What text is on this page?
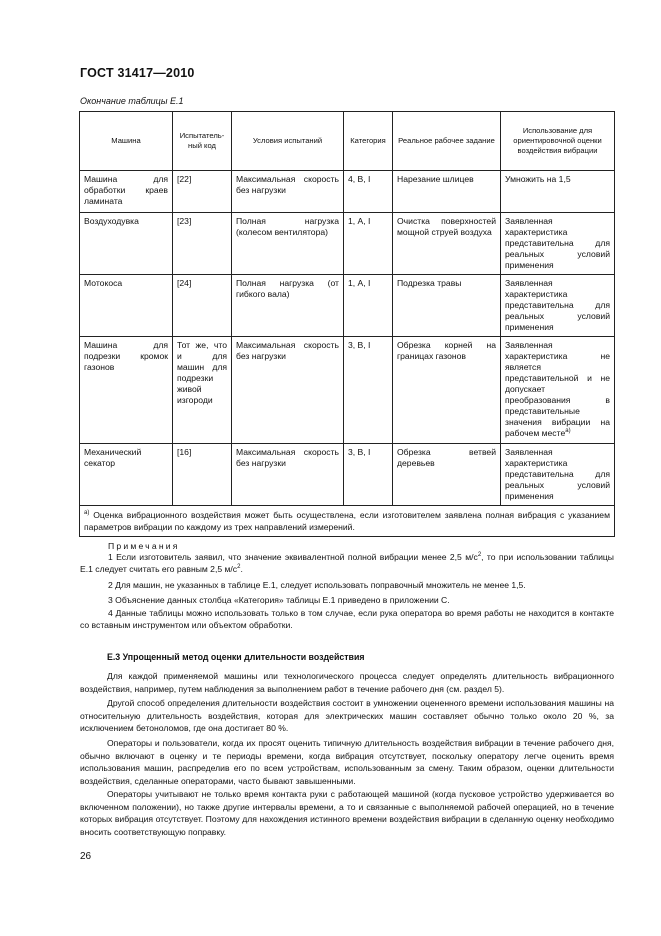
ГОСТ 31417—2010
Окончание таблицы Е.1
Машина	Испытатель-ный код	Условия испытаний	Категория	Реальное рабочее задание	Использование для ориентировочной оценки воздействия вибрации
Машина для обработки краев ламината	[22]	Максимальная скорость без нагрузки	4, В, I	Нарезание шлицев	Умножить на 1,5
Воздуходувка	[23]	Полная нагрузка (колесом вентилятора)	1, А, I	Очистка поверхностей мощной струей воздуха	Заявленная характеристика представительна для реальных условий применения
Мотокоса	[24]	Полная нагрузка (от гибкого вала)	1, А, I	Подрезка травы	Заявленная характеристика представительна для реальных условий применения
Машина для подрезки кромок газонов	Тот же, что и для машин для подрезки живой изгороди	Максимальная скорость без нагрузки	3, В, I	Обрезка корней на границах газонов	Заявленная характеристика не является представительной и не допускает преобразования в представительные значения вибрации на рабочем месте$^{а)}$
Механический секатор	[16]	Максимальная скорость без нагрузки	3, В, I	Обрезка ветвей деревьев	Заявленная характеристика представительна для реальных условий применения
$^{а)}$ Оценка вибрационного воздействия может быть осуществлена, если изготовителем заявлена полная вибрация с указанием параметров вибрации по каждому из трех направлений измерений.					
Примечания
1 Если изготовитель заявил, что значение эквивалентной полной вибрации менее 2,5 $м/с^2$, то при использовании таблицы Е.1 следует считать его равным 2,5 $м/с^2$.
2 Для машин, не указанных в таблице Е.1, следует использовать поправочный множитель не менее 1,5.
3 Объяснение данных столбца «Категория» таблицы Е.1 приведено в приложении С.
4 Данные таблицы можно использовать только в том случае, если рука оператора во время работы не находится в контакте со вставным инструментом или объектом обработки.
Е.3 Упрощенный метод оценки длительности воздействия
Для каждой применяемой машины или технологического процесса следует определять длительность вибрационного воздействия, например, путем наблюдения за выполнением работ в течение рабочего дня (см. раздел 5).
Другой способ определения длительности воздействия состоит в умножении оцененного времени использования машины на относительную длительность воздействия, которая для электрических машин составляет обычно только около 20 %, за исключением бетоноломов, где она достигает 80 %.
Операторы и пользователи, когда их просят оценить типичную длительность воздействия вибрации в течение рабочего дня, обычно включают в оценку и те периоды времени, когда вибрация отсутствует, поскольку оператору легче оценить время использования машин, распределив его по всем устройствам, использованным за смену. Таким образом, оценки длительности воздействия, сделанные операторами, часто бывают завышенными.
Операторы учитывают не только время контакта руки с работающей машиной (когда пусковое устройство удерживается во включенном положении), но также другие интервалы времени, а то и связанные с выполняемой рабочей операцией, но в течение которых вибрация отсутствует. Поэтому для нахождения истинного времени воздействия вибрации в сделанную оценку необходимо вносить соответствующую поправку.
26
